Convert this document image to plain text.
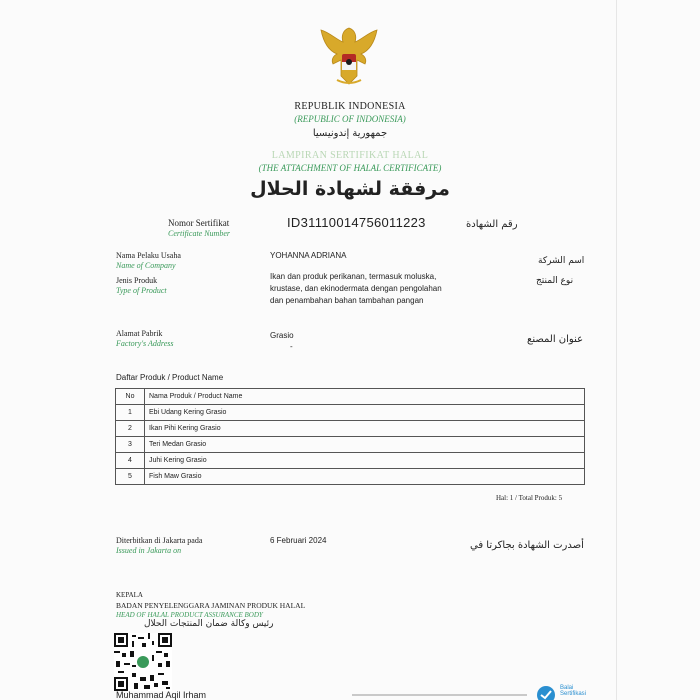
REPUBLIK INDONESIA
(REPUBLIC OF INDONESIA)
جمهورية إندونيسيا
LAMPIRAN SERTIFIKAT HALAL
(THE ATTACHMENT OF HALAL CERTIFICATE)
مرفقة لشهادة الحلال
Nomor Sertifikat
Certificate Number
ID31110014756011223	رقم الشهادة
Nama Pelaku Usaha
Name of Company
YOHANNA ADRIANA
اسم الشركة
Jenis Produk
Type of Product
Ikan dan produk perikanan, termasuk moluska,
krustase, dan ekinodermata dengan pengolahan
dan penambahan bahan tambahan pangan
نوع المنتج
Alamat Pabrik
Factory's Address
Grasio
-
عنوان المصنع
Daftar Produk / Product Name
No	Nama Produk / Product Name
1	Ebi Udang Kering Grasio
2	Ikan Pihi Kering Grasio
3	Teri Medan Grasio
4	Juhi Kering Grasio
5	Fish Maw Grasio
Hal: 1 / Total Produk: 5
Diterbitkan di Jakarta pada
Issued in Jakarta on
6 Februari 2024	أصدرت الشهادة بجاكرتا في
KEPALA
BADAN PENYELENGGARA JAMINAN PRODUK HALAL
HEAD OF HALAL PRODUCT ASSURANCE BODY
رئيس وكالة ضمان المنتجات الحلال
Muhammad Aqil Irham
Balai Sertifikasi
